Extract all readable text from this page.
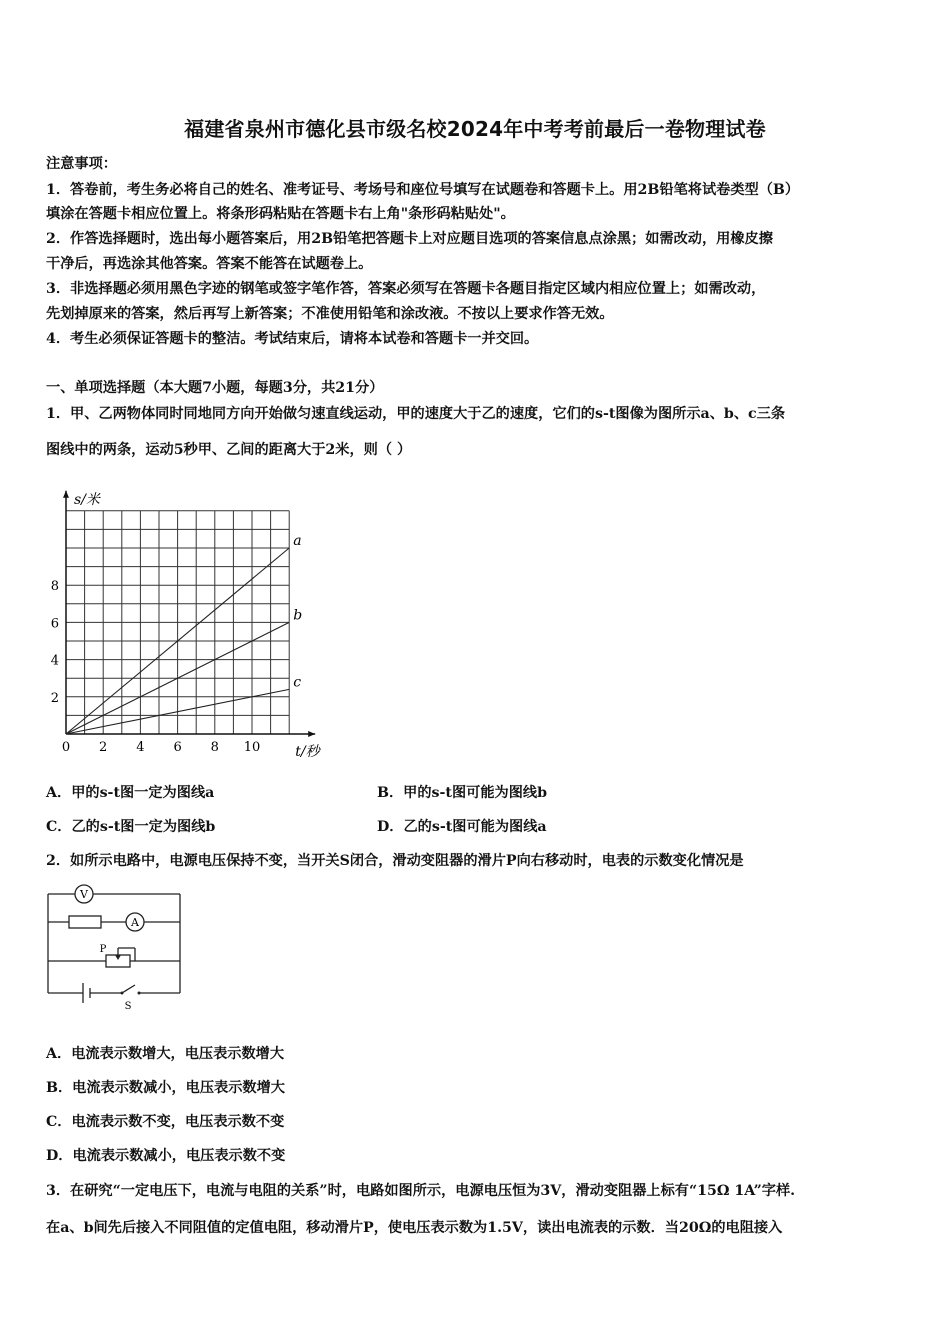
福建省泉州市德化县市级名校2024年中考考前最后一卷物理试卷
注意事项：
1．答卷前，考生务必将自己的姓名、准考证号、考场号和座位号填写在试题卷和答题卡上。用2B铅笔将试卷类型（B）
填涂在答题卡相应位置上。将条形码粘贴在答题卡右上角"条形码粘贴处"。
2．作答选择题时，选出每小题答案后，用2B铅笔把答题卡上对应题目选项的答案信息点涂黑；如需改动，用橡皮擦
干净后，再选涂其他答案。答案不能答在试题卷上。
3．非选择题必须用黑色字迹的钢笔或签字笔作答，答案必须写在答题卡各题目指定区域内相应位置上；如需改动，
先划掉原来的答案，然后再写上新答案；不准使用铅笔和涂改液。不按以上要求作答无效。
4．考生必须保证答题卡的整洁。考试结束后，请将本试卷和答题卡一并交回。
一、单项选择题（本大题7小题，每题3分，共21分）
1．甲、乙两物体同时同地同方向开始做匀速直线运动，甲的速度大于乙的速度，它们的s-t图像为图所示a、b、c三条
图线中的两条，运动5秒甲、乙间的距离大于2米，则（ ）
a
b
c
0 2 4 6 8 10
2
4
6
8
s/米
t/秒
A．甲的s-t图一定为图线a	B．甲的s-t图可能为图线b
C．乙的s-t图一定为图线b	D．乙的s-t图可能为图线a
2．如所示电路中，电源电压保持不变，当开关S闭合，滑动变阻器的滑片P向右移动时，电表的示数变化情况是
V
A
P
S
A．电流表示数增大，电压表示数增大
B．电流表示数减小，电压表示数增大
C．电流表示数不变，电压表示数不变
D．电流表示数减小，电压表示数不变
3．在研究“一定电压下，电流与电阻的关系”时，电路如图所示，电源电压恒为3V，滑动变阻器上标有“15Ω 1A”字样.
在a、b间先后接入不同阻值的定值电阻，移动滑片P，使电压表示数为1.5V，读出电流表的示数．当20Ω的电阻接入
